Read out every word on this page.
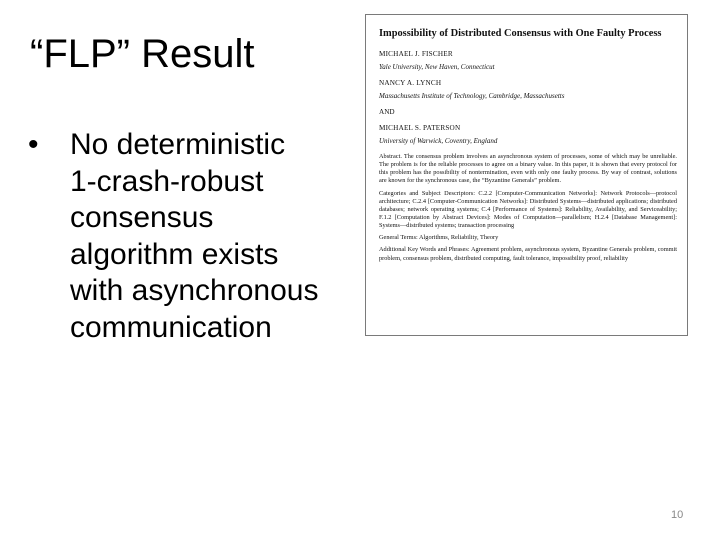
“FLP” Result
• No deterministic
1-crash-robust
consensus
algorithm exists
with asynchronous
communication
Impossibility of Distributed Consensus with One Faulty Process
MICHAEL J. FISCHER
Yale University, New Haven, Connecticut
NANCY A. LYNCH
Massachusetts Institute of Technology, Cambridge, Massachusetts
AND
MICHAEL S. PATERSON
University of Warwick, Coventry, England
Abstract. The consensus problem involves an asynchronous system of processes, some of which may be unreliable. The problem is for the reliable processes to agree on a binary value. In this paper, it is shown that every protocol for this problem has the possibility of nontermination, even with only one faulty process. By way of contrast, solutions are known for the synchronous case, the “Byzantine Generals” problem.
Categories and Subject Descriptors: C.2.2 [Computer-Communication Networks]: Network Protocols—protocol architecture; C.2.4 [Computer-Communication Networks]: Distributed Systems—distributed applications; distributed databases; network operating systems; C.4 [Performance of Systems]: Reliability, Availability, and Serviceability; F.1.2 [Computation by Abstract Devices]: Modes of Computation—parallelism; H.2.4 [Database Management]: Systems—distributed systems; transaction processing
General Terms: Algorithms, Reliability, Theory
Additional Key Words and Phrases: Agreement problem, asynchronous system, Byzantine Generals problem, commit problem, consensus problem, distributed computing, fault tolerance, impossibility proof, reliability
10
